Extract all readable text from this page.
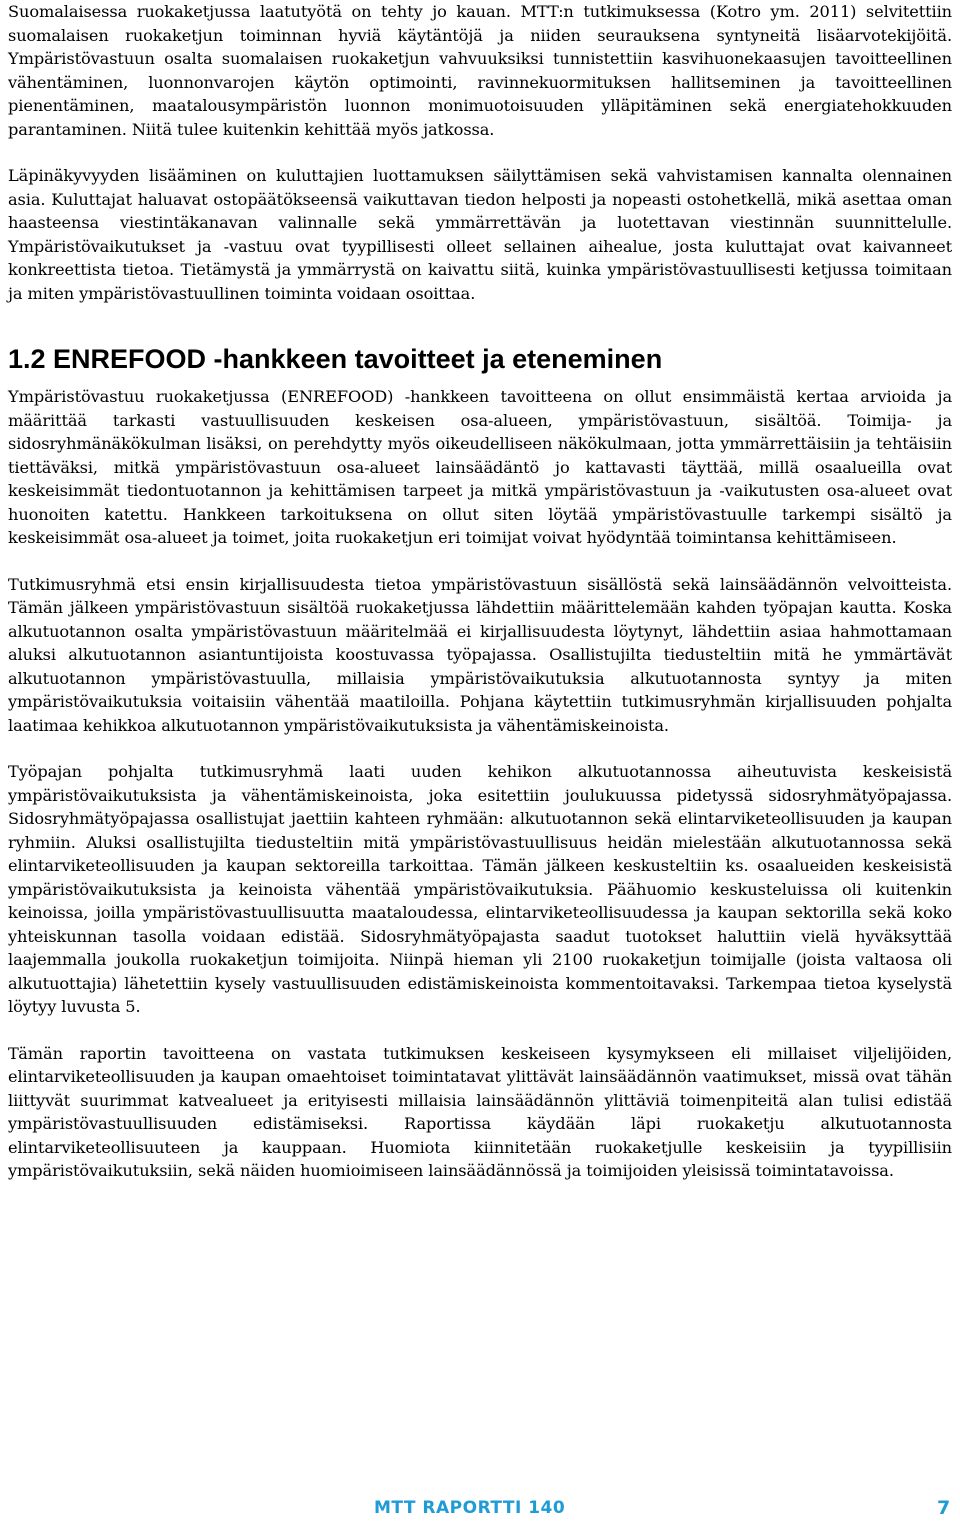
Suomalaisessa ruokaketjussa laatutyötä on tehty jo kauan. MTT:n tutkimuksessa (Kotro ym. 2011) selvitettiin suomalaisen ruokaketjun toiminnan hyviä käytäntöjä ja niiden seurauksena syntyneitä lisäarvotekijöitä. Ympäristövastuun osalta suomalaisen ruokaketjun vahvuuksiksi tunnistettiin kasvihuonekaasujen tavoitteellinen vähentäminen, luonnonvarojen käytön optimointi, ravinnekuormituksen hallitseminen ja tavoitteellinen pienentäminen, maatalousympäristön luonnon monimuotoisuuden ylläpitäminen sekä energiatehokkuuden parantaminen. Niitä tulee kuitenkin kehittää myös jatkossa.

Läpinäkyvyyden lisääminen on kuluttajien luottamuksen säilyttämisen sekä vahvistamisen kannalta olennainen asia. Kuluttajat haluavat ostopäätökseensä vaikuttavan tiedon helposti ja nopeasti ostohetkellä, mikä asettaa oman haasteensa viestintäkanavan valinnalle sekä ymmärrettävän ja luotettavan viestinnän suunnittelulle. Ympäristövaikutukset ja -vastuu ovat tyypillisesti olleet sellainen aihealue, josta kuluttajat ovat kaivanneet konkreettista tietoa. Tietämystä ja ymmärrystä on kaivattu siitä, kuinka ympäristövastuullisesti ketjussa toimitaan ja miten ympäristövastuullinen toiminta voidaan osoittaa.

1.2 ENREFOOD -hankkeen tavoitteet ja eteneminen

Ympäristövastuu ruokaketjussa (ENREFOOD) -hankkeen tavoitteena on ollut ensimmäistä kertaa arvioida ja määrittää tarkasti vastuullisuuden keskeisen osa-alueen, ympäristövastuun, sisältöä. Toimija- ja sidosryhmänäkökulman lisäksi, on perehdytty myös oikeudelliseen näkökulmaan, jotta ymmärrettäisiin ja tehtäisiin tiettäväksi, mitkä ympäristövastuun osa-alueet lainsäädäntö jo kattavasti täyttää, millä osaalueilla ovat keskeisimmät tiedontuotannon ja kehittämisen tarpeet ja mitkä ympäristövastuun ja -vaikutusten osa-alueet ovat huonoiten katettu. Hankkeen tarkoituksena on ollut siten löytää ympäristövastuulle tarkempi sisältö ja keskeisimmät osa-alueet ja toimet, joita ruokaketjun eri toimijat voivat hyödyntää toimintansa kehittämiseen.

Tutkimusryhmä etsi ensin kirjallisuudesta tietoa ympäristövastuun sisällöstä sekä lainsäädännön velvoitteista. Tämän jälkeen ympäristövastuun sisältöä ruokaketjussa lähdettiin määrittelemään kahden työpajan kautta. Koska alkutuotannon osalta ympäristövastuun määritelmää ei kirjallisuudesta löytynyt, lähdettiin asiaa hahmottamaan aluksi alkutuotannon asiantuntijoista koostuvassa työpajassa. Osallistujilta tiedusteltiin mitä he ymmärtävät alkutuotannon ympäristövastuulla, millaisia ympäristövaikutuksia alkutuotannosta syntyy ja miten ympäristövaikutuksia voitaisiin vähentää maatiloilla. Pohjana käytettiin tutkimusryhmän kirjallisuuden pohjalta laatimaa kehikkoa alkutuotannon ympäristövaikutuksista ja vähentämiskeinoista.

Työpajan pohjalta tutkimusryhmä laati uuden kehikon alkutuotannossa aiheutuvista keskeisistä ympäristövaikutuksista ja vähentämiskeinoista, joka esitettiin joulukuussa pidetyssä sidosryhmätyöpajassa. Sidosryhmätyöpajassa osallistujat jaettiin kahteen ryhmään: alkutuotannon sekä elintarviketeollisuuden ja kaupan ryhmiin. Aluksi osallistujilta tiedusteltiin mitä ympäristövastuullisuus heidän mielestään alkutuotannossa sekä elintarviketeollisuuden ja kaupan sektoreilla tarkoittaa. Tämän jälkeen keskusteltiin ks. osaalueiden keskeisistä ympäristövaikutuksista ja keinoista vähentää ympäristövaikutuksia. Päähuomio keskusteluissa oli kuitenkin keinoissa, joilla ympäristövastuullisuutta maataloudessa, elintarviketeollisuudessa ja kaupan sektorilla sekä koko yhteiskunnan tasolla voidaan edistää. Sidosryhmätyöpajasta saadut tuotokset haluttiin vielä hyväksyttää laajemmalla joukolla ruokaketjun toimijoita. Niinpä hieman yli 2100 ruokaketjun toimijalle (joista valtaosa oli alkutuottajia) lähetettiin kysely vastuullisuuden edistämiskeinoista kommentoitavaksi. Tarkempaa tietoa kyselystä löytyy luvusta 5.

Tämän raportin tavoitteena on vastata tutkimuksen keskeiseen kysymykseen eli millaiset viljelijöiden, elintarviketeollisuuden ja kaupan omaehtoiset toimintatavat ylittävät lainsäädännön vaatimukset, missä ovat tähän liittyvät suurimmat katvealueet ja erityisesti millaisia lainsäädännön ylittäviä toimenpiteitä alan tulisi edistää ympäristövastuullisuuden edistämiseksi. Raportissa käydään läpi ruokaketju alkutuotannosta elintarviketeollisuuteen ja kauppaan. Huomiota kiinnitetään ruokaketjulle keskeisiin ja tyypillisiin ympäristövaikutuksiin, sekä näiden huomioimiseen lainsäädännössä ja toimijoiden yleisissä toimintatavoissa.

MTT RAPORTTI 140	7
